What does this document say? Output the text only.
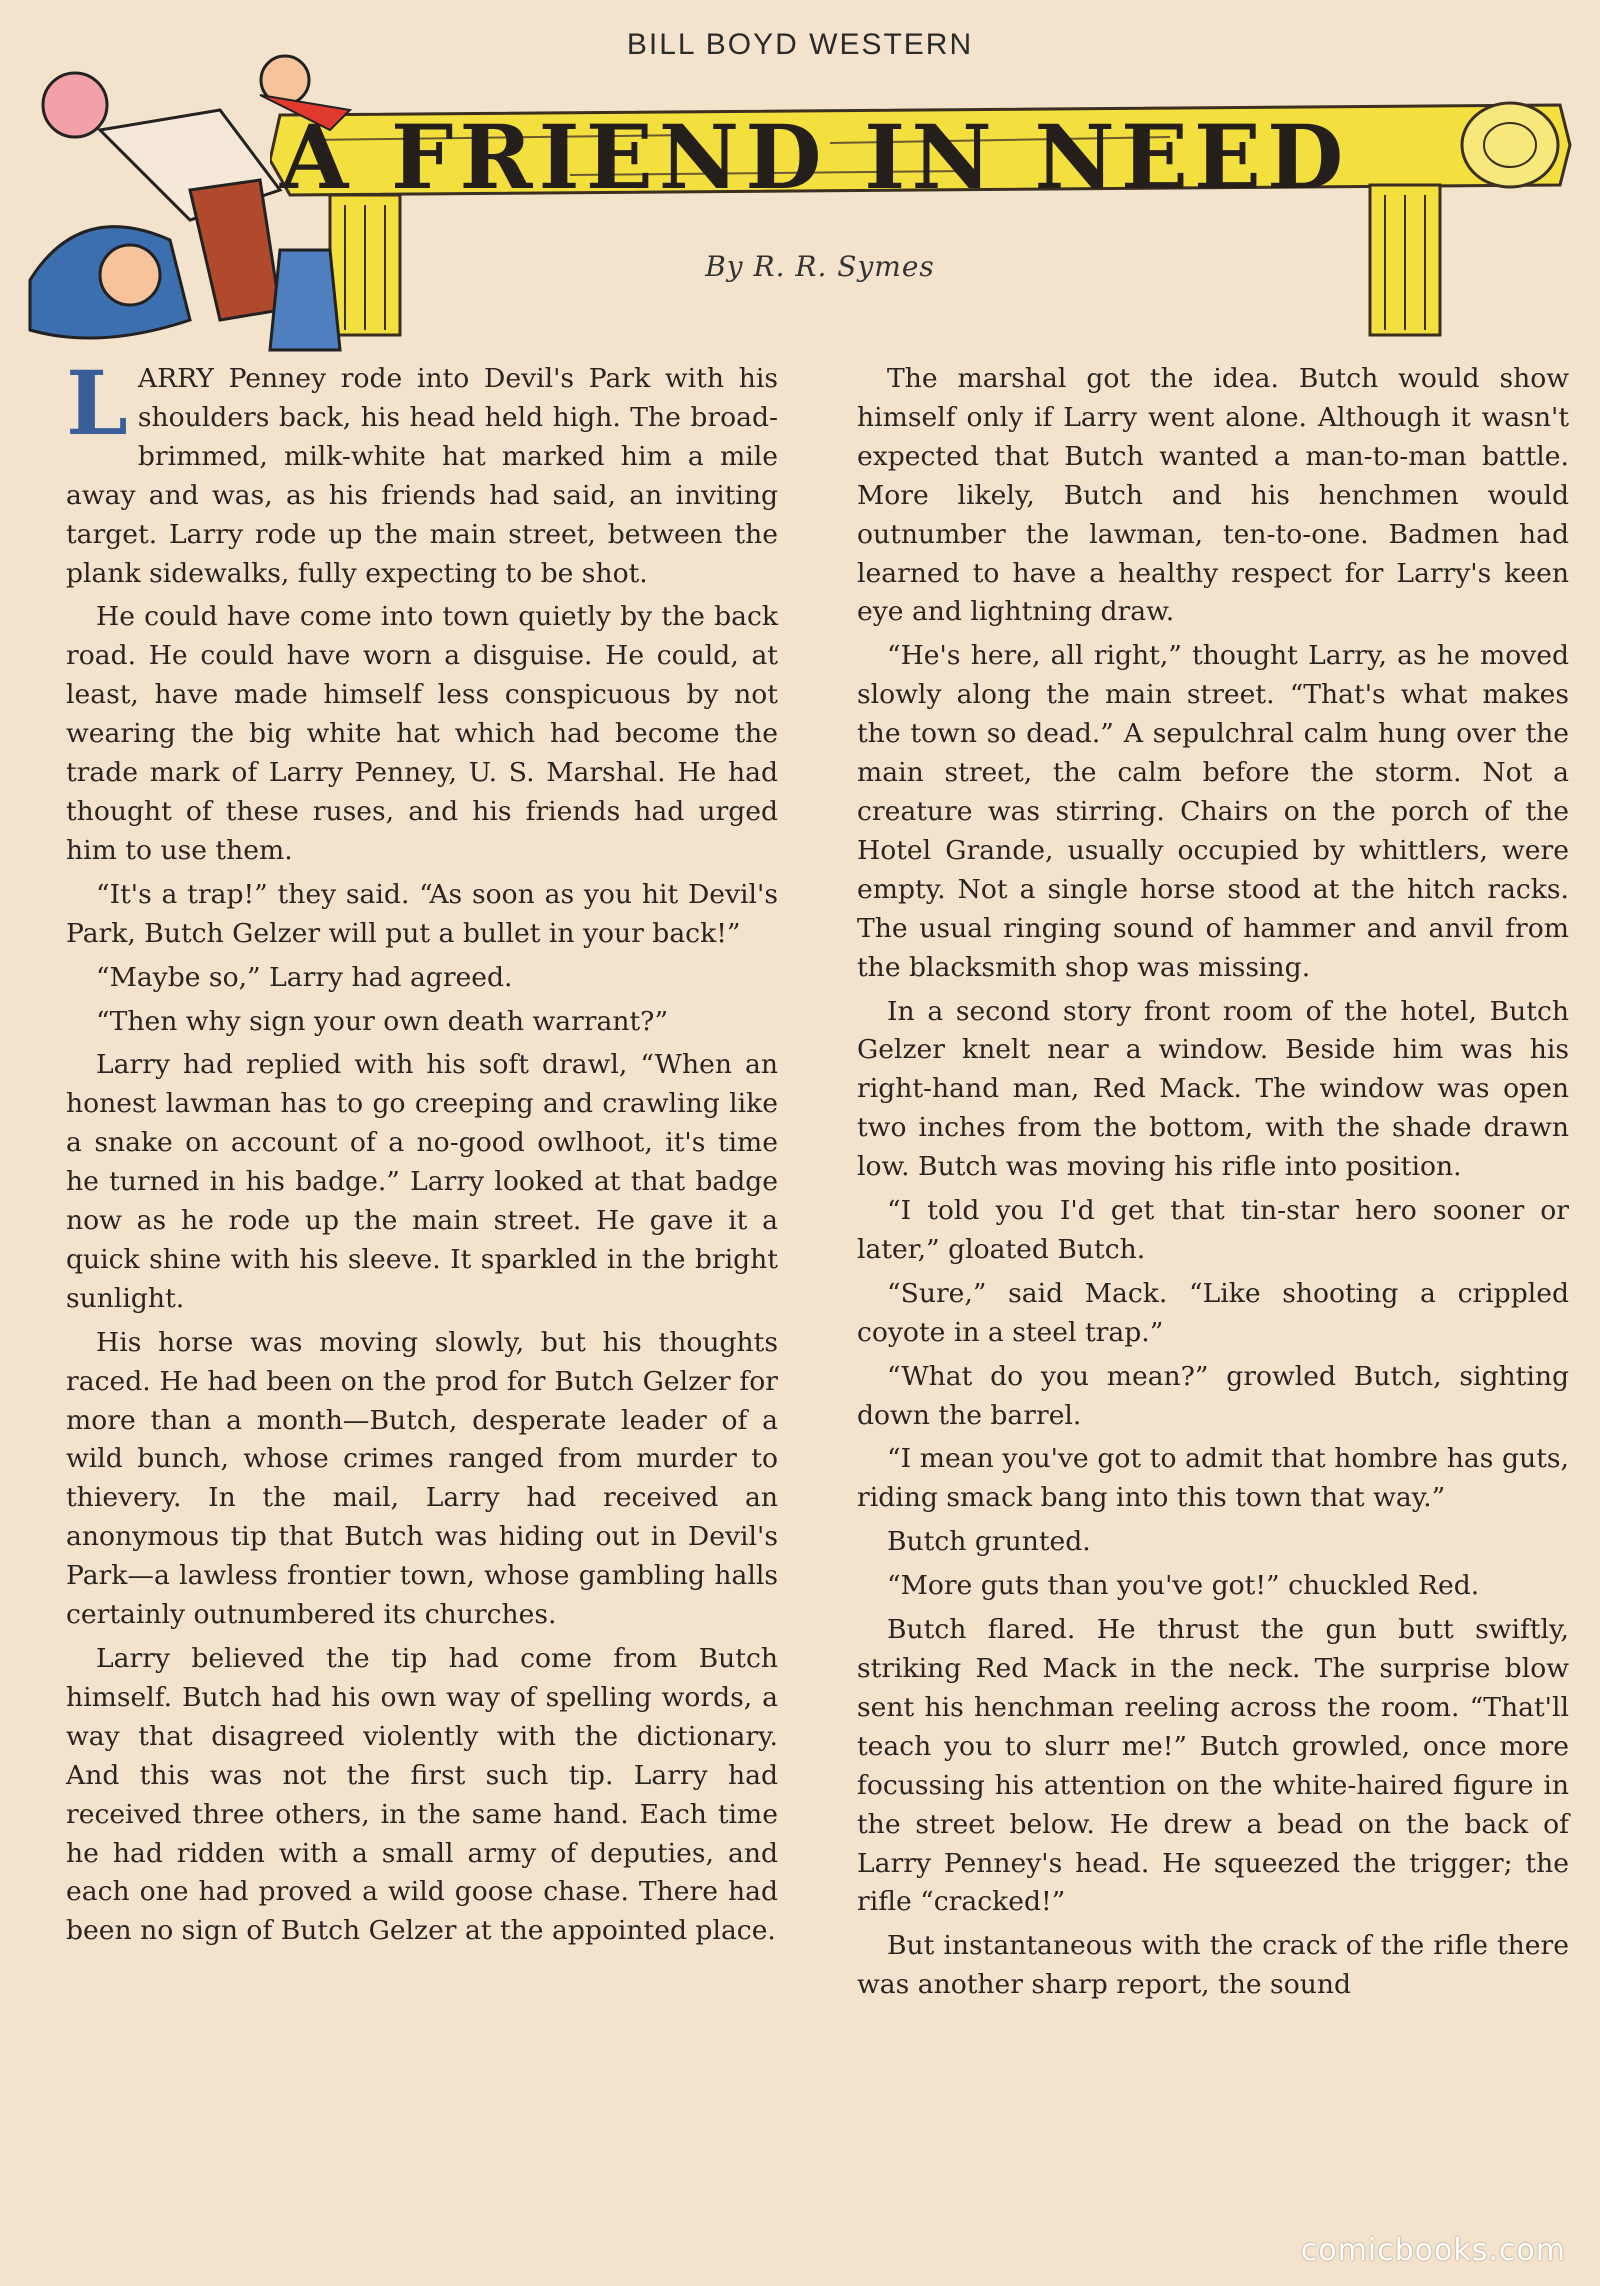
BILL BOYD WESTERN
A FRIEND IN NEED
By R. R. Symes

LARRY Penney rode into Devil's Park with his shoulders back, his head held high. The broad-brimmed, milk-white hat marked him a mile away and was, as his friends had said, an inviting target. Larry rode up the main street, between the plank sidewalks, fully expecting to be shot.

He could have come into town quietly by the back road. He could have worn a disguise. He could, at least, have made himself less conspicuous by not wearing the big white hat which had become the trade mark of Larry Penney, U. S. Marshal. He had thought of these ruses, and his friends had urged him to use them.

“It's a trap!” they said. “As soon as you hit Devil's Park, Butch Gelzer will put a bullet in your back!”

“Maybe so,” Larry had agreed.

“Then why sign your own death warrant?”

Larry had replied with his soft drawl, “When an honest lawman has to go creeping and crawling like a snake on account of a no-good owlhoot, it's time he turned in his badge.” Larry looked at that badge now as he rode up the main street. He gave it a quick shine with his sleeve. It sparkled in the bright sunlight.

His horse was moving slowly, but his thoughts raced. He had been on the prod for Butch Gelzer for more than a month—Butch, desperate leader of a wild bunch, whose crimes ranged from murder to thievery. In the mail, Larry had received an anonymous tip that Butch was hiding out in Devil's Park—a lawless frontier town, whose gambling halls certainly outnumbered its churches.

Larry believed the tip had come from Butch himself. Butch had his own way of spelling words, a way that disagreed violently with the dictionary. And this was not the first such tip. Larry had received three others, in the same hand. Each time he had ridden with a small army of deputies, and each one had proved a wild goose chase. There had been no sign of Butch Gelzer at the appointed place.

The marshal got the idea. Butch would show himself only if Larry went alone. Although it wasn't expected that Butch wanted a man-to-man battle. More likely, Butch and his henchmen would outnumber the lawman, ten-to-one. Badmen had learned to have a healthy respect for Larry's keen eye and lightning draw.

“He's here, all right,” thought Larry, as he moved slowly along the main street. “That's what makes the town so dead.” A sepulchral calm hung over the main street, the calm before the storm. Not a creature was stirring. Chairs on the porch of the Hotel Grande, usually occupied by whittlers, were empty. Not a single horse stood at the hitch racks. The usual ringing sound of hammer and anvil from the blacksmith shop was missing.

In a second story front room of the hotel, Butch Gelzer knelt near a window. Beside him was his right-hand man, Red Mack. The window was open two inches from the bottom, with the shade drawn low. Butch was moving his rifle into position.

“I told you I'd get that tin-star hero sooner or later,” gloated Butch.

“Sure,” said Mack. “Like shooting a crippled coyote in a steel trap.”

“What do you mean?” growled Butch, sighting down the barrel.

“I mean you've got to admit that hombre has guts, riding smack bang into this town that way.”

Butch grunted.

“More guts than you've got!” chuckled Red.

Butch flared. He thrust the gun butt swiftly, striking Red Mack in the neck. The surprise blow sent his henchman reeling across the room. “That'll teach you to slurr me!” Butch growled, once more focussing his attention on the white-haired figure in the street below. He drew a bead on the back of Larry Penney's head. He squeezed the trigger; the rifle “cracked!”

But instantaneous with the crack of the rifle there was another sharp report, the sound

comicbooks.com
